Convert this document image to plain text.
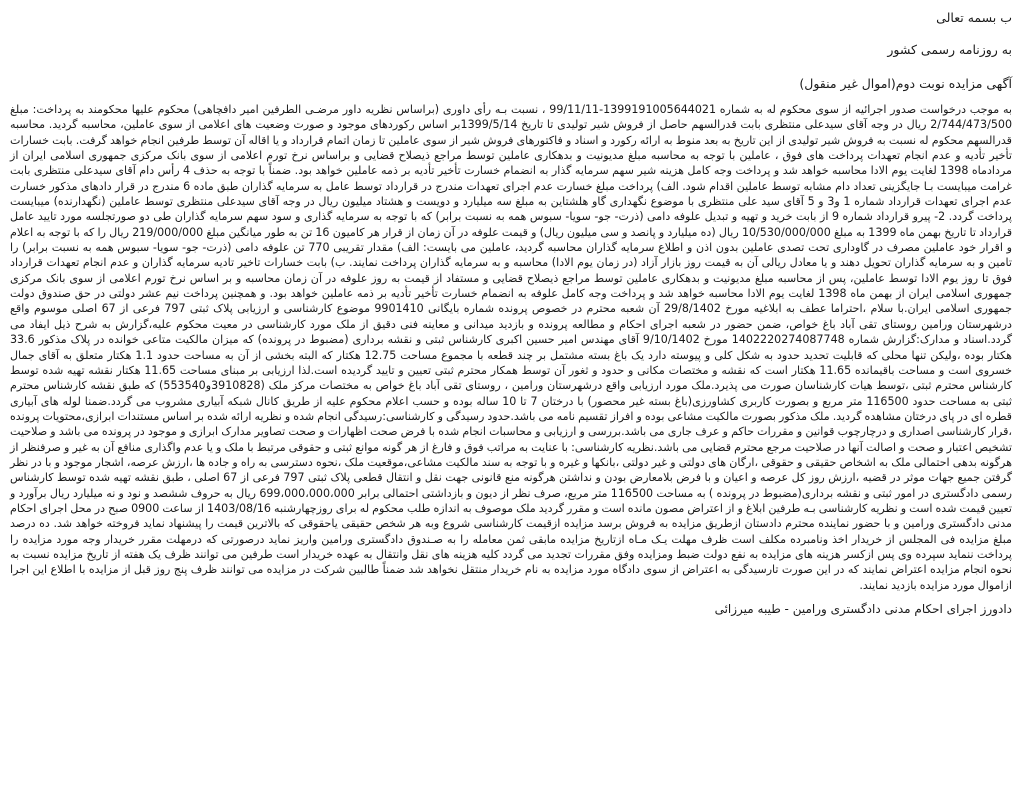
ب بسمه تعالی
به روزنامه رسمی کشور
آگهی مزایده نوبت دوم(اموال غیر منقول)
به موجب درخواست صدور اجرائیه از سوی محکوم له به شماره 1399191005644021-99/11/11 ، نسبت بـه رأی داوری (براساس نظریه داور مرضـی الطرفین امیر دافچاهی) محکوم علیها محکومند به پرداخت: مبلغ 2/744/473/500 ریال در وجه آقای سیدعلی منتظری بابت قدرالسهم حاصل از فروش شیر تولیدی تا تاریخ 1399/5/14بر اساس رکوردهای موجود و صورت وضعیت های اعلامی از سوی عاملین، محاسبه گردید. محاسبه قدرالسهم محکوم له نسبت به فروش شیر تولیدی از این تاریخ به بعد منوط به ارائه رکورد و اسناد و فاکتورهای فروش شیر از سوی عاملین تا زمان اتمام قرارداد و یا اقاله آن توسط طرفین انجام خواهد گرفت. بابت خسارات تأخیر تأدیه و عدم انجام تعهدات پرداخت های فوق ، عاملین با توجه به محاسبه مبلغ مدیونیت و بدهکاری عاملین توسط مراجع ذیصلاح قضایی و براساس نرخ تورم اعلامی از سوی بانک مرکزی جمهوری اسلامی ایران از مردادماه 1398 لغایت یوم الادا محاسبه خواهد شد و پرداخت وجه کامل هزینه شیر سهم سرمایه گذار به انضمام خسارت تأخیر تأدیه بر ذمه عاملین خواهد بود. ضمناً با توجه به حذف 4 رأس دام آقای سیدعلی منتظری بابت غرامت میبایست بـا جایگزینی تعداد دام مشابه توسط عاملین اقدام شود. الف) پرداخت مبلغ خسارت عدم اجرای تعهدات مندرج در قرارداد توسط عامل به سرمایه گذاران طبق ماده 6 مندرج در قرار دادهای مذکور خسارت عدم اجرای تعهدات قرارداد شماره 1 و3 و 5 آقای سید علی منتظری با موضوع نگهداری گاو هلشتاین به مبلغ سه میلیارد و دویست و هشتاد میلیون ریال در وجه آقای سیدعلی منتظری توسط عاملین (نگهدارنده) میبایست پرداخت گردد. 2- پیرو قرارداد شماره 9 از بابت خرید و تهیه و تبدیل علوفه دامی (ذرت- جو- سویا- سبوس همه به نسبت برابر) که با توجه به سرمایه گذاری و سود سهم سرمایه گذاران طی دو صورتجلسه مورد تایید عامل قرارداد تا تاریخ بهمن ماه 1399 به مبلغ 10/530/000/000 ریال (ده میلیارد و پانصد و سی میلیون ریال) و قیمت علوفه در آن زمان از قرار هر کامیون 16 تن به طور میانگین مبلغ 219/000/000 ریال را که با توجه به اعلام و اقرار خود عاملین مصرف در گاوداری تحت تصدی عاملین بدون اذن و اطلاع سرمایه گذاران محاسبه گردید، عاملین می بایست: الف) مقدار تقریبی 770 تن علوفه دامی (ذرت- جو- سویا- سبوس همه به نسبت برابر) را تامین و به سرمایه گذاران تحویل دهند و یا معادل ریالی آن به قیمت روز بازار آزاد (در زمان یوم الادا) محاسبه و به سرمایه گذاران پرداخت نمایند. ب) بابت خسارات تاخیر تادیه سرمایه گذاران و عدم انجام تعهدات قرارداد فوق تا روز یوم الادا توسط عاملین، پس از محاسبه مبلغ مدیونیت و بدهکاری عاملین توسط مراجع ذیصلاح قضایی و مستفاد از قیمت به روز علوفه در آن زمان محاسبه و بر اساس نرخ تورم اعلامی از سوی بانک مرکزی جمهوری اسلامی ایران از بهمن ماه 1398 لغایت یوم الادا محاسبه خواهد شد و پرداخت وجه کامل علوفه به انضمام خسارت تأخیر تأدیه بر ذمه عاملین خواهد بود. و همچنین پرداخت نیم عشر دولتی در حق صندوق دولت جمهوری اسلامی ایران.با سلام ،احتراما عطف به ابلاغیه مورخ 29/8/1402 آن شعبه محترم در خصوص پرونده شماره بایگانی 9901410 موضوع کارشناسی و ارزیابی پلاک ثبتی 797 فرعی از 67 اصلی موسوم واقع درشهرستان ورامین روستای تقی آباد باغ خواص، ضمن حضور در شعبه اجرای احکام و مطالعه پرونده و بازدید میدانی و معاینه فنی دقیق از ملک مورد کارشناسی در معیت محکوم علیه،گزارش به شرح ذیل ایفاد می گردد.اسناد و مدارک:گزارش شماره 1402220274087748 مورخ 9/10/1402 آقای مهندس امیر حسین اکبری کارشناس ثبتی و نقشه برداری (مضبوط در پرونده) که میزان مالکیت متاعی خوانده در پلاک مذکور 33.6 هکتار بوده ،ولیکن تنها محلی که قابلیت تحدید حدود به شکل کلی و پیوسته دارد یک باغ بسته مشتمل بر چند قطعه با مجموع مساحت 12.75 هکتار که البته بخشی از آن به مساحت حدود 1.1 هکتار متعلق به آقای جمال خسروی است و مساحت باقیمانده 11.65 هکتار است که نقشه و مختصات مکانی و حدود و ثغور آن توسط همکار محترم ثبتی تعیین و تایید گردیده است.لذا ارزیابی بر مبنای مساحت 11.65 هکتار نقشه تهیه شده توسط کارشناس محترم ثبتی ،توسط هیات کارشناسان صورت می پذیرد.ملک مورد ارزیابی واقع درشهرستان ورامین ، روستای تقی آباد باغ خواص به مختصات مرکز ملک (3910828و553540) که طبق نقشه کارشناس محترم ثبتی به مساحت حدود 116500 متر مربع و بصورت کاربری کشاورزی(باغ بسته غیر محصور) با درختان 7 تا 10 ساله بوده و حسب اعلام محکوم علیه از طریق کانال شبکه آبیاری مشروب می گردد.ضمنا لوله های آبیاری قطره ای در پای درختان مشاهده گردید. ملک مذکور بصورت مالکیت مشاعی بوده و افراز تقسیم نامه می باشد.حدود رسیدگی و کارشناسی:رسیدگی انجام شده و نظریه ارائه شده بر اساس مستندات ابرازی،محتویات پرونده ،قرار کارشناسی اصداری و درچارچوب قوانین و مقررات حاکم و عرف جاری می باشد.بررسی و ارزیابی و محاسبات انجام شده با فرض صحت اظهارات و صحت تصاویر مدارک ابرازی و موجود در پرونده می باشد و صلاحیت تشخیص اعتبار و صحت و اصالت آنها در صلاحیت مرجع محترم قضایی می باشد.نظریه کارشناسی: با عنایت به مراتب فوق و فارغ از هر گونه موانع ثبتی و حقوقی مرتبط با ملک و یا عدم واگذاری منافع آن به غیر و صرفنظر از هرگونه بدهی احتمالی ملک به اشخاص حقیقی و حقوقی ،ارگان های دولتی و غیر دولتی ،بانکها و غیره و با توجه به سند مالکیت مشاعی،موقعیت ملک ،نحوه دسترسی به راه و جاده ها ،ارزش عرصه، اشجار موجود و با در نظر گرفتن جمیع جهات موثر در قضیه ،ارزش روز کل عرصه و اعیان و با فرض بلامعارض بودن و نداشتن هرگونه منع قانونی جهت نقل و انتقال قطعی پلاک ثبتی 797 فرعی از 67 اصلی ، طبق نقشه تهیه شده توسط کارشناس رسمی دادگستری در امور ثبتی و نقشه برداری(مضبوط در پرونده ) به مساحت 116500 متر مربع، صرف نظر از دیون و بازداشتی احتمالی برابر 699،000،000،000 ریال به حروف ششصد و نود و نه میلیارد ریال برآورد و تعیین قیمت شده است و نظریه کارشناسی بـه طرفین ابلاغ و از اعتراض مصون مانده است و مقرر گردید ملک موصوف به اندازه طلب محکوم له برای روزچهارشنبه 1403/08/16 از ساعت 0900 صبح در محل اجرای احکام مدنی دادگستری ورامین و با حضور نماینده محترم دادستان ازطریق مزایده به فروش برسد مزایده ازقیمت کارشناسی شروع وبه هر شخص حقیقی یاحقوقی که بالاترین قیمت را پیشنهاد نماید فروخته خواهد شد. ده درصد مبلغ مزایده فی المجلس از خریدار اخذ ونامبرده مکلف است ظرف مهلت یـک مـاه ازتاریخ مزایده مابقی ثمن معامله را به صـندوق دادگستری ورامین واریز نماید درصورتی که درمهلت مقرر خریدار وجه مورد مزایده را پرداخت ننماید سپرده وی پس ازکسر هزینه های مزایده به نفع دولت ضبط ومزایده وفق مقررات تجدید می گردد کلیه هزینه های نقل وانتقال به عهده خریدار است طرفین می توانند ظرف یک هفته از تاریخ مزایده نسبت به نحوه انجام مزایده اعتراض نمایند که در این صورت تارسیدگی به اعتراض از سوی دادگاه مورد مزایده به نام خریدار منتقل نخواهد شد ضمناً طالبین شرکت در مزایده می توانند ظرف پنج روز قبل از مزایده با اطلاع این اجرا ازاموال مورد مزایده بازدید نمایند.
دادورز اجرای احکام مدنی دادگستری ورامین - طیبه میرزائی
